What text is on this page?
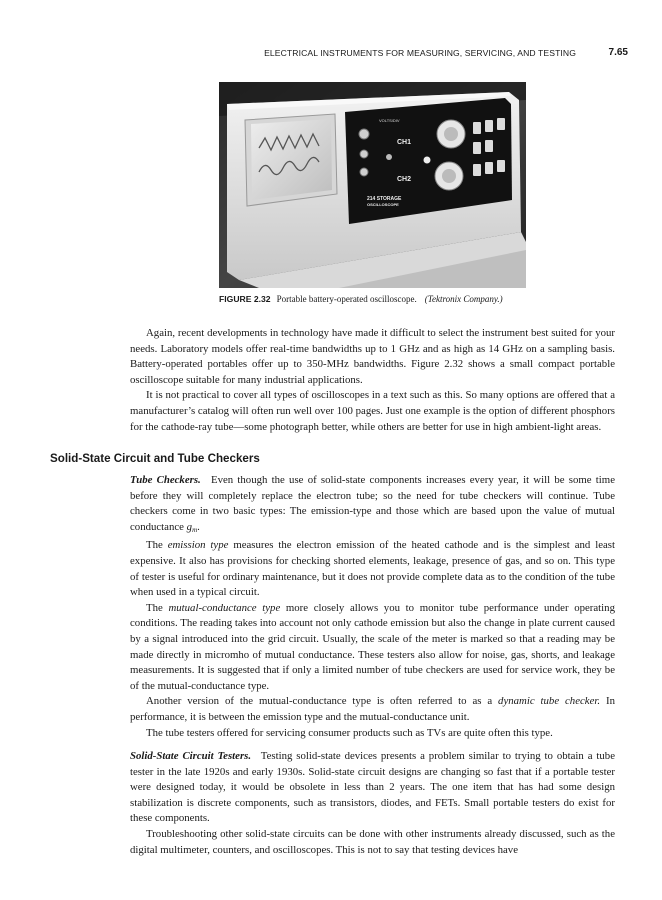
ELECTRICAL INSTRUMENTS FOR MEASURING, SERVICING, AND TESTING	7.65
VOLTS/DIV
CH1
CH2
214 STORAGE
OSCILLOSCOPE
FIGURE 2.32 Portable battery-operated oscilloscope. (Tektronix Company.)

Again, recent developments in technology have made it difficult to select the instrument best suited for your needs. Laboratory models offer real-time bandwidths up to 1 GHz and as high as 14 GHz on a sampling basis. Battery-operated portables offer up to 350-MHz bandwidths. Figure 2.32 shows a small compact portable oscilloscope suitable for many industrial applications.

It is not practical to cover all types of oscilloscopes in a text such as this. So many options are offered that a manufacturer’s catalog will often run well over 100 pages. Just one example is the option of different phosphors for the cathode-ray tube—some photograph better, while others are better for use in high ambient-light areas.

Solid-State Circuit and Tube Checkers

Tube Checkers. Even though the use of solid-state components increases every year, it will be some time before they will completely replace the electron tube; so the need for tube checkers will continue. Tube checkers come in two basic types: The emission-type and those which are based upon the value of mutual conductance $g_m$.

The emission type measures the electron emission of the heated cathode and is the simplest and least expensive. It also has provisions for checking shorted elements, leakage, presence of gas, and so on. This type of tester is useful for ordinary maintenance, but it does not provide complete data as to the condition of the tube when used in a typical circuit.

The mutual-conductance type more closely allows you to monitor tube performance under operating conditions. The reading takes into account not only cathode emission but also the change in plate current caused by a signal introduced into the grid circuit. Usually, the scale of the meter is marked so that a reading may be made directly in micromho of mutual conductance. These testers also allow for noise, gas, shorts, and leakage measurements. It is suggested that if only a limited number of tube checkers are used for service work, they be of the mutual-conductance type.

Another version of the mutual-conductance type is often referred to as a dynamic tube checker. In performance, it is between the emission type and the mutual-conductance unit.

The tube testers offered for servicing consumer products such as TVs are quite often this type.

Solid-State Circuit Testers. Testing solid-state devices presents a problem similar to trying to obtain a tube tester in the late 1920s and early 1930s. Solid-state circuit designs are changing so fast that if a portable tester were designed today, it would be obsolete in less than 2 years. The one item that has had some design stabilization is discrete components, such as transistors, diodes, and FETs. Small portable testers do exist for these components.

Troubleshooting other solid-state circuits can be done with other instruments already discussed, such as the digital multimeter, counters, and oscilloscopes. This is not to say that testing devices have
